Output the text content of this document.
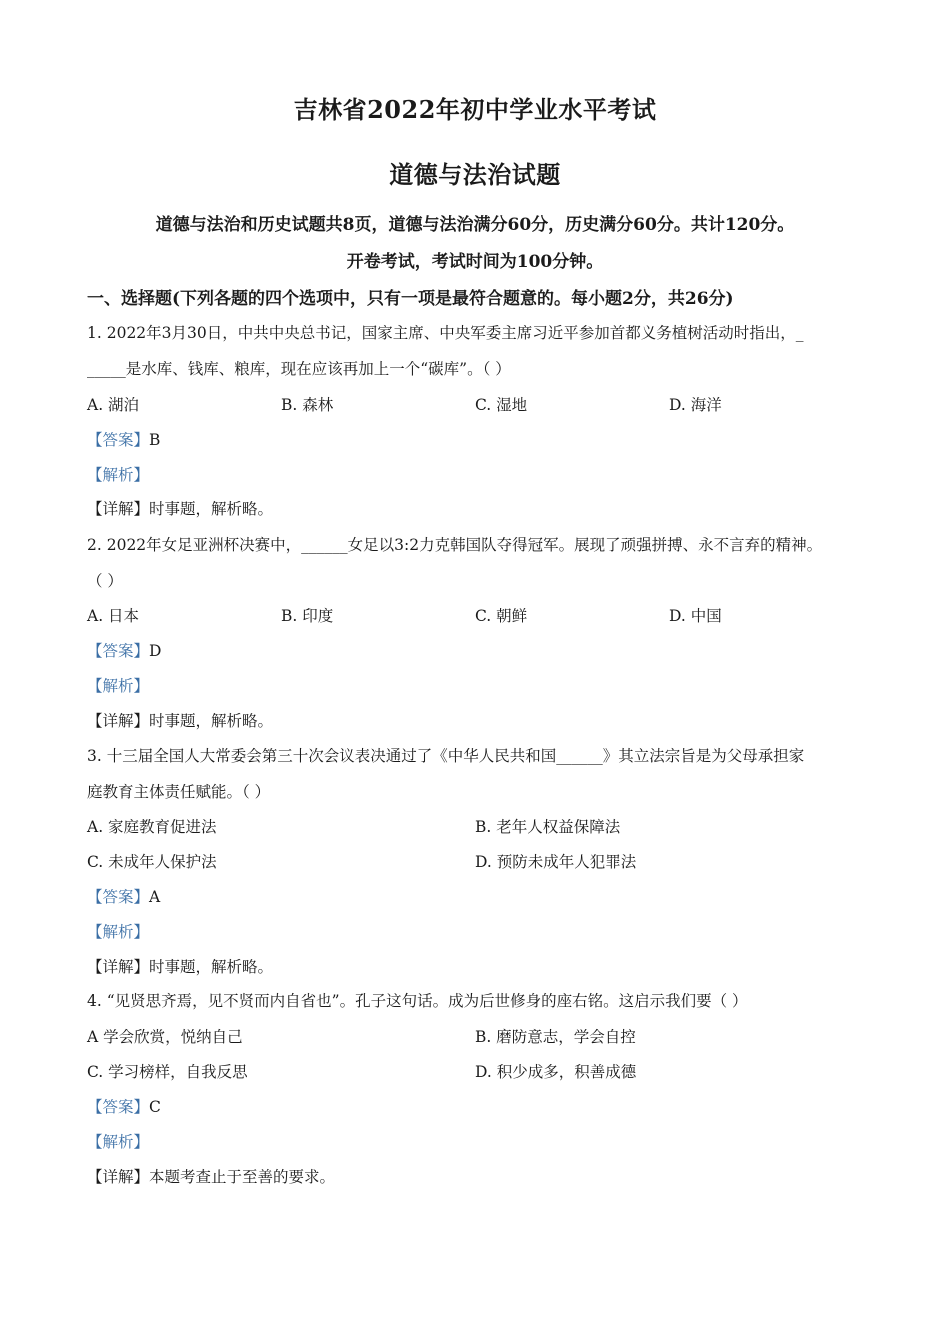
吉林省2022年初中学业水平考试
道德与法治试题
道德与法治和历史试题共8页，道德与法治满分60分，历史满分60分。共计120分。
开卷考试，考试时间为100分钟。
一、选择题(下列各题的四个选项中，只有一项是最符合题意的。每小题2分，共26分)
1. 2022年3月30日，中共中央总书记，国家主席、中央军委主席习近平参加首都义务植树活动时指出，_
_____是水库、钱库、粮库，现在应该再加上一个“碳库”。（ ）
A. 湖泊	B. 森林	C. 湿地	D. 海洋
【答案】B
【解析】
【详解】时事题，解析略。
2. 2022年女足亚洲杯决赛中，______女足以3:2力克韩国队夺得冠军。展现了顽强拼搏、永不言弃的精神。
（ ）
A. 日本	B. 印度	C. 朝鲜	D. 中国
【答案】D
【解析】
【详解】时事题，解析略。
3. 十三届全国人大常委会第三十次会议表决通过了《中华人民共和国______》其立法宗旨是为父母承担家
庭教育主体责任赋能。（ ）
A. 家庭教育促进法	B. 老年人权益保障法
C. 未成年人保护法	D. 预防未成年人犯罪法
【答案】A
【解析】
【详解】时事题，解析略。
4. “见贤思齐焉，见不贤而内自省也”。孔子这句话。成为后世修身的座右铭。这启示我们要（ ）
A 学会欣赏，悦纳自己	B. 磨防意志，学会自控
C. 学习榜样，自我反思	D. 积少成多，积善成德
【答案】C
【解析】
【详解】本题考查止于至善的要求。
